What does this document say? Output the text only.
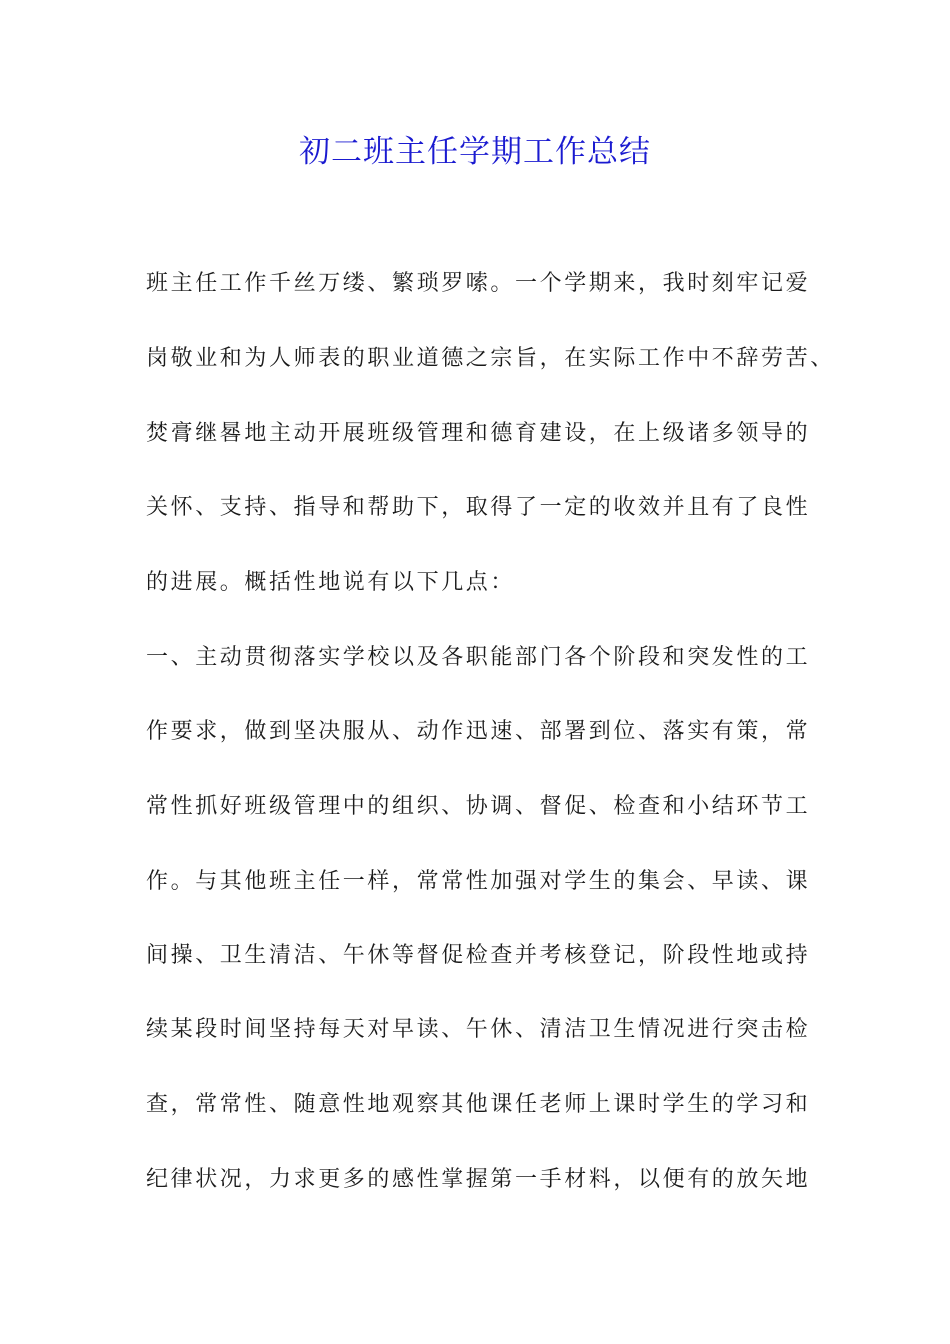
初二班主任学期工作总结
班主任工作千丝万缕、繁琐罗嗦。一个学期来，我时刻牢记爱
岗敬业和为人师表的职业道德之宗旨，在实际工作中不辞劳苦、
焚膏继晷地主动开展班级管理和德育建设，在上级诸多领导的
关怀、支持、指导和帮助下，取得了一定的收效并且有了良性
的进展。概括性地说有以下几点：
一、主动贯彻落实学校以及各职能部门各个阶段和突发性的工
作要求，做到坚决服从、动作迅速、部署到位、落实有策，常
常性抓好班级管理中的组织、协调、督促、检查和小结环节工
作。与其他班主任一样，常常性加强对学生的集会、早读、课
间操、卫生清洁、午休等督促检查并考核登记，阶段性地或持
续某段时间坚持每天对早读、午休、清洁卫生情况进行突击检
查，常常性、随意性地观察其他课任老师上课时学生的学习和
纪律状况，力求更多的感性掌握第一手材料，以便有的放矢地
